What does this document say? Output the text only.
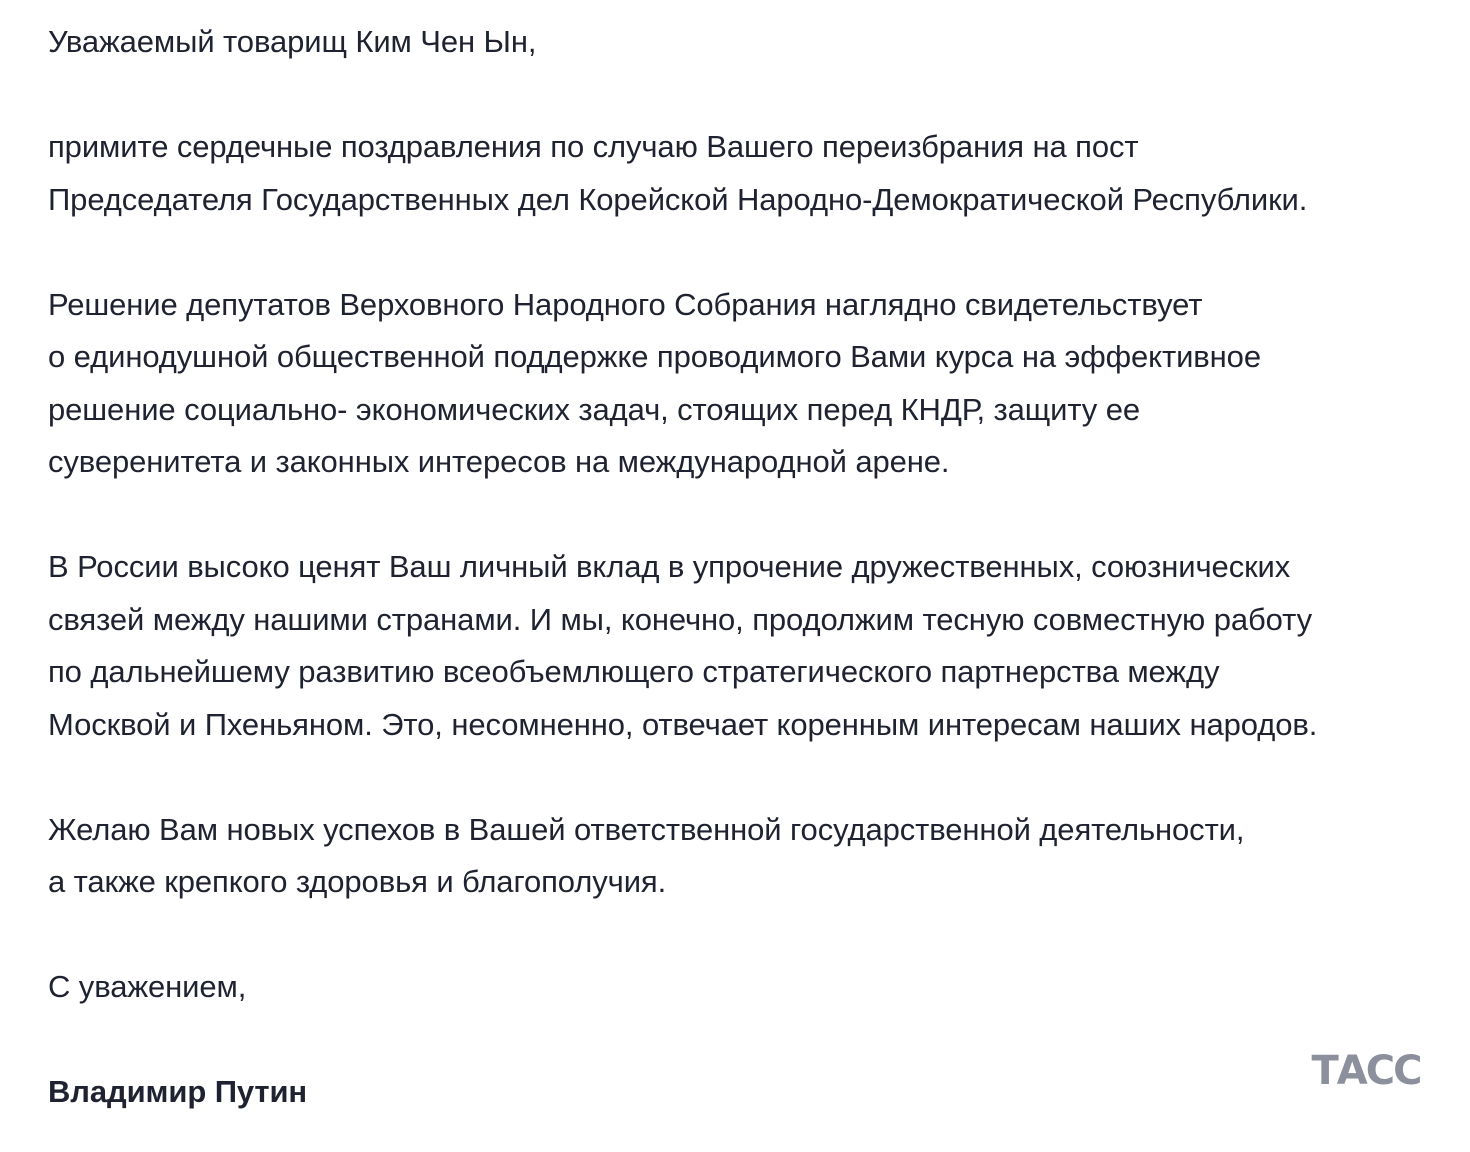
Уважаемый товарищ Ким Чен Ын,
примите сердечные поздравления по случаю Вашего переизбрания на пост
Председателя Государственных дел Корейской Народно-Демократической Республики.
Решение депутатов Верховного Народного Собрания наглядно свидетельствует
о единодушной общественной поддержке проводимого Вами курса на эффективное
решение социально- экономических задач, стоящих перед КНДР, защиту ее
суверенитета и законных интересов на международной арене.
В России высоко ценят Ваш личный вклад в упрочение дружественных, союзнических
связей между нашими странами. И мы, конечно, продолжим тесную совместную работу
по дальнейшему развитию всеобъемлющего стратегического партнерства между
Москвой и Пхеньяном. Это, несомненно, отвечает коренным интересам наших народов.
Желаю Вам новых успехов в Вашей ответственной государственной деятельности,
а также крепкого здоровья и благополучия.
С уважением,
Владимир Путин	ТАСС
